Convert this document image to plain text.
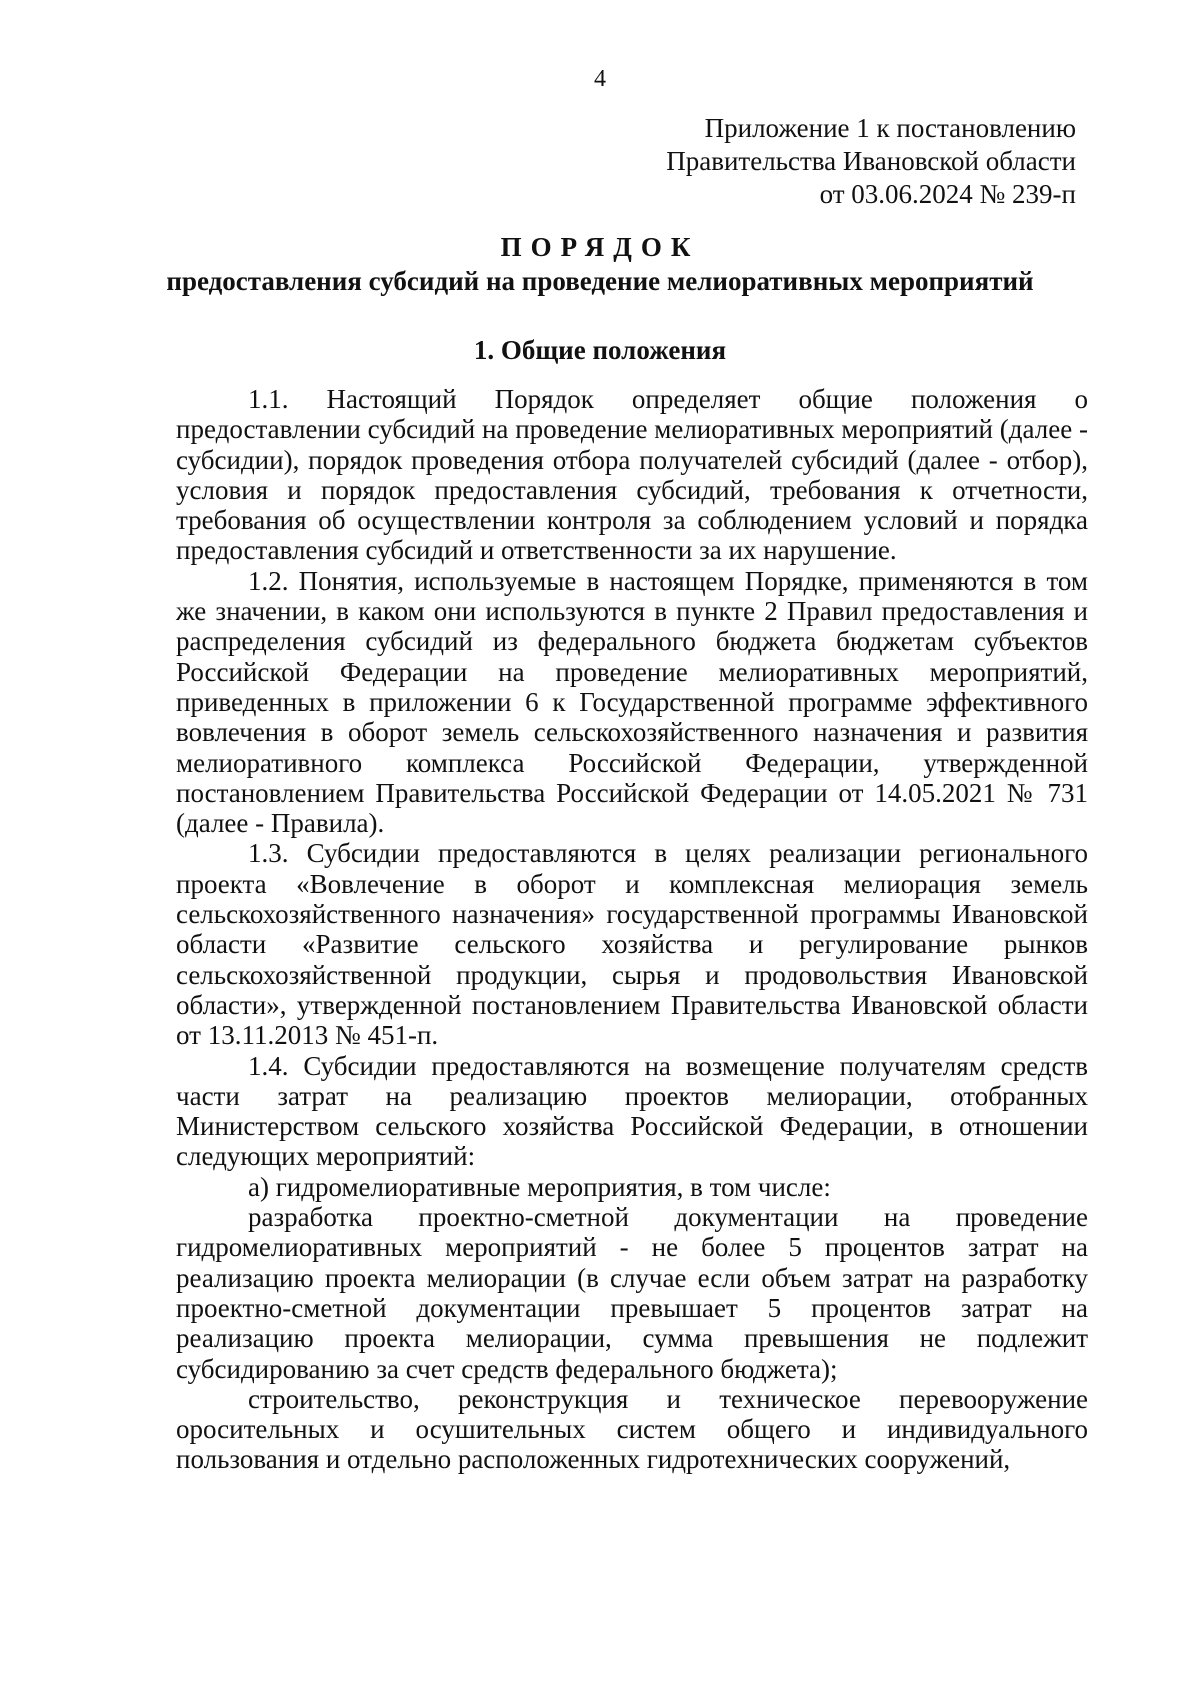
4
Приложение 1 к постановлению
Правительства Ивановской области
от 03.06.2024 № 239-п
ПОРЯДОК
предоставления субсидий на проведение мелиоративных мероприятий
1. Общие положения

1.1. Настоящий Порядок определяет общие положения о предоставлении субсидий на проведение мелиоративных мероприятий (далее - субсидии), порядок проведения отбора получателей субсидий (далее - отбор), условия и порядок предоставления субсидий, требования к отчетности, требования об осуществлении контроля за соблюдением условий и порядка предоставления субсидий и ответственности за их нарушение.

1.2. Понятия, используемые в настоящем Порядке, применяются в том же значении, в каком они используются в пункте 2 Правил предоставления и распределения субсидий из федерального бюджета бюджетам субъектов Российской Федерации на проведение мелиоративных мероприятий, приведенных в приложении 6 к Государственной программе эффективного вовлечения в оборот земель сельскохозяйственного назначения и развития мелиоративного комплекса Российской Федерации, утвержденной постановлением Правительства Российской Федерации от 14.05.2021 № 731 (далее - Правила).

1.3. Субсидии предоставляются в целях реализации регионального проекта «Вовлечение в оборот и комплексная мелиорация земель сельскохозяйственного назначения» государственной программы Ивановской области «Развитие сельского хозяйства и регулирование рынков сельскохозяйственной продукции, сырья и продовольствия Ивановской области», утвержденной постановлением Правительства Ивановской области от 13.11.2013 № 451-п.

1.4. Субсидии предоставляются на возмещение получателям средств части затрат на реализацию проектов мелиорации, отобранных Министерством сельского хозяйства Российской Федерации, в отношении следующих мероприятий:

а) гидромелиоративные мероприятия, в том числе:

разработка проектно-сметной документации на проведение гидромелиоративных мероприятий - не более 5 процентов затрат на реализацию проекта мелиорации (в случае если объем затрат на разработку проектно-сметной документации превышает 5 процентов затрат на реализацию проекта мелиорации, сумма превышения не подлежит субсидированию за счет средств федерального бюджета);

строительство, реконструкция и техническое перевооружение оросительных и осушительных систем общего и индивидуального пользования и отдельно расположенных гидротехнических сооружений,
